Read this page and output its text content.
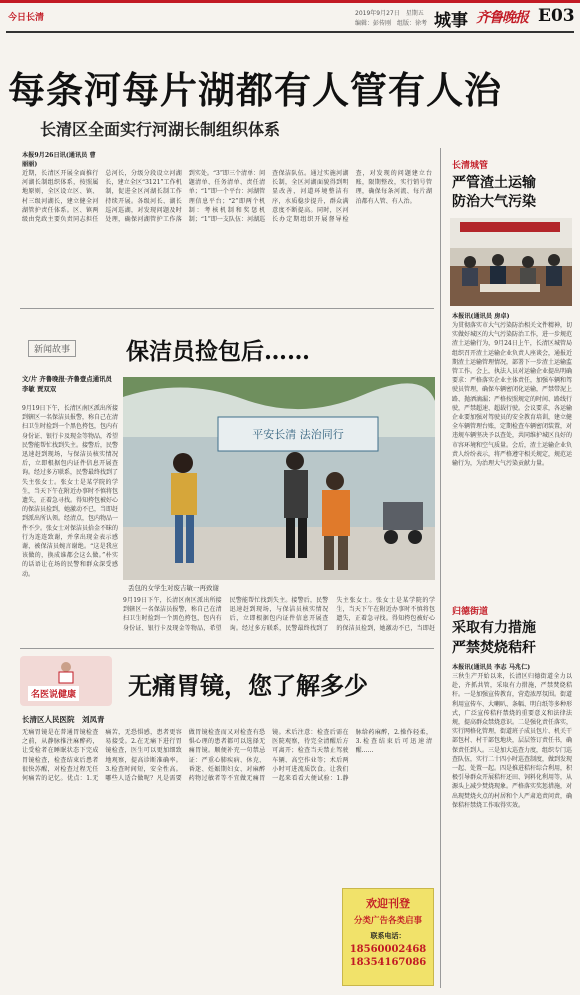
今日长清	2019年9月27日　星期五
编辑：彭传刚　组版：徐考 城事 齐鲁晚报 E03
每条河每片湖都有人管有人治
长清区全面实行河湖长制组织体系
本报9月26日讯(通讯员 曹丽丽)
近期，长清区开展全面推行河湖长制组织体系，按照属地原则，全区设立区、镇、村三级河湖长，建立健全河湖管护责任体系。区、镇两级由党政主要负责同志担任总河长，分级分段设立河湖长，建立全区“3121”工作机制，促进全区河湖长制工作持续开展。各级河长、湖长巡河巡湖，对发现问题及时处理，确保河湖管护工作落到实处。“3”即三个清单：问题清单、任务清单、责任清单；“1”即一个平台：河湖管理信息平台；“2”即两个机制：考核机制和奖惩机制；“1”即一支队伍：河湖巡查保洁队伍。通过实施河湖长制，全区河湖面貌得到明显改善，河道环境整洁有序，水质稳步提升，群众满意度不断提高。同时，区河长办定期组织开展督导检查，对发现的问题建立台账，限期整改，实行销号管理，确保每条河流、每片湖泊都有人管、有人治。
长清城管
严管渣土运输
防治大气污染
本报讯(通讯员 房卓)
为贯彻落实市大气污染防治相关文件精神，切实做好城区的大气污染防治工作，进一步规范渣土运输行为，9月24日上午，长清区城管局组织召开渣土运输企业负责人座谈会，通报近期渣土运输管理情况，部署下一步渣土运输监管工作。会上，执法人员对运输企业提出明确要求：严格落实企业主体责任，加强车辆和驾驶员管理，确保车辆密闭化运输，严禁带泥上路、抛洒滴漏；严格按照规定的时间、路线行驶，严禁超速、超载行驶。会议要求，各运输企业要加强对驾驶员的安全教育培训，建立健全车辆管理台账，定期检查车辆密闭装置，对违规车辆坚决予以查处，共同维护城区良好的市容环境和空气质量。会后，渣土运输企业负责人纷纷表示，将严格遵守相关规定，规范运输行为，为治理大气污染贡献力量。
新闻故事 保洁员捡包后……
文/片 齐鲁晚报·齐鲁壹点通讯员 李敏 贾双双
9月19日下午，长清区南区派出所接到辖区一名保洁员报警，称自己在清扫卫生时捡到一个黑色挎包，包内有身份证、银行卡及现金等物品，希望民警能帮忙找到失主。接警后，民警迅速赶到现场，与保洁员核实情况后，立即根据包内证件信息开展查询。经过多方联系，民警最终找到了失主张女士。张女士是某学院的学生，当天下午在附近办事时不慎将包遗失，正着急寻找。得知挎包被好心的保洁员捡到，她激动不已，当即赶到派出所认领。经清点，包内物品一件不少。张女士对保洁员拾金不昧的行为连连致谢，并拿出现金表示感谢，被保洁员婉言谢绝。“这是我应该做的，换成谁都会这么做。”朴实的话语让在场的民警和群众深受感动。
平安长清 法治同行
丢包的女学生对废吉敏一再致谢
9月19日下午，长清区南区派出所接到辖区一名保洁员报警，称自己在清扫卫生时捡到一个黑色挎包，包内有身份证、银行卡及现金等物品，希望民警能帮忙找到失主。接警后，民警迅速赶到现场，与保洁员核实情况后，立即根据包内证件信息开展查询。经过多方联系，民警最终找到了失主张女士。张女士是某学院的学生，当天下午在附近办事时不慎将包遗失，正着急寻找。得知挎包被好心的保洁员捡到，她激动不已，当即赶
归德街道
采取有力措施
严禁焚烧秸秆
本报讯(通讯员 李志 马兆仁)
三秋生产开始以来，长清区归德街道全力以赴，齐抓共管，采取有力措施，严禁焚烧秸秆。一是加强宣传教育，营造浓厚氛围。街道利用宣传车、大喇叭、条幅、明白纸等多种形式，广泛宣传秸秆禁烧的重要意义和法律法规，提高群众禁烧意识。二是强化责任落实，实行网格化管理，街道班子成员包片、机关干部包村、村干部包地块，层层签订责任书，确保责任到人。三是加大巡查力度，组织专门巡查队伍，实行二十四小时巡查制度，做到发现一起、处置一起。四是推进秸秆综合利用，积极引导群众开展秸秆还田、饲料化利用等，从源头上减少焚烧现象。严格落实奖惩措施，对出现焚烧火点的村居和个人严肃追责问责，确保秸秆禁烧工作取得实效。
名医说健康 无痛胃镜，您了解多少
长清区人民医院　刘凤青
无痛胃镜是在普通胃镜检查之前，从静脉推注麻醉药，让受检者在睡眠状态下完成胃镜检查，检查结束后患者很快苏醒，对检查过程无任何痛苦的记忆。优点：1.无痛苦，无恐惧感，患者更容易接受。2.在无痛下进行胃镜检查，医生可以更加细致地观察，提高诊断准确率。3.检查时间短，安全性高。哪些人适合做呢？凡是需要做胃镜检查而又对检查有恐惧心理的患者都可以选择无痛胃镜。顺便补充一句禁忌证：严重心肺疾病、休克、昏迷、妊娠期妇女、对麻醉药物过敏者等不宜做无痛胃镜。术后注意：检查后需在医院观察，待完全清醒后方可离开；检查当天禁止驾驶车辆、高空作业等；术后两小时可进流质饮食。让我们一起来看看大便试验：1.静脉给药麻醉，2.操作轻柔，3.检查结束后可迅速清醒……
欢迎刊登
分类广告各类启事
联系电话：
18560002468
18354167086
